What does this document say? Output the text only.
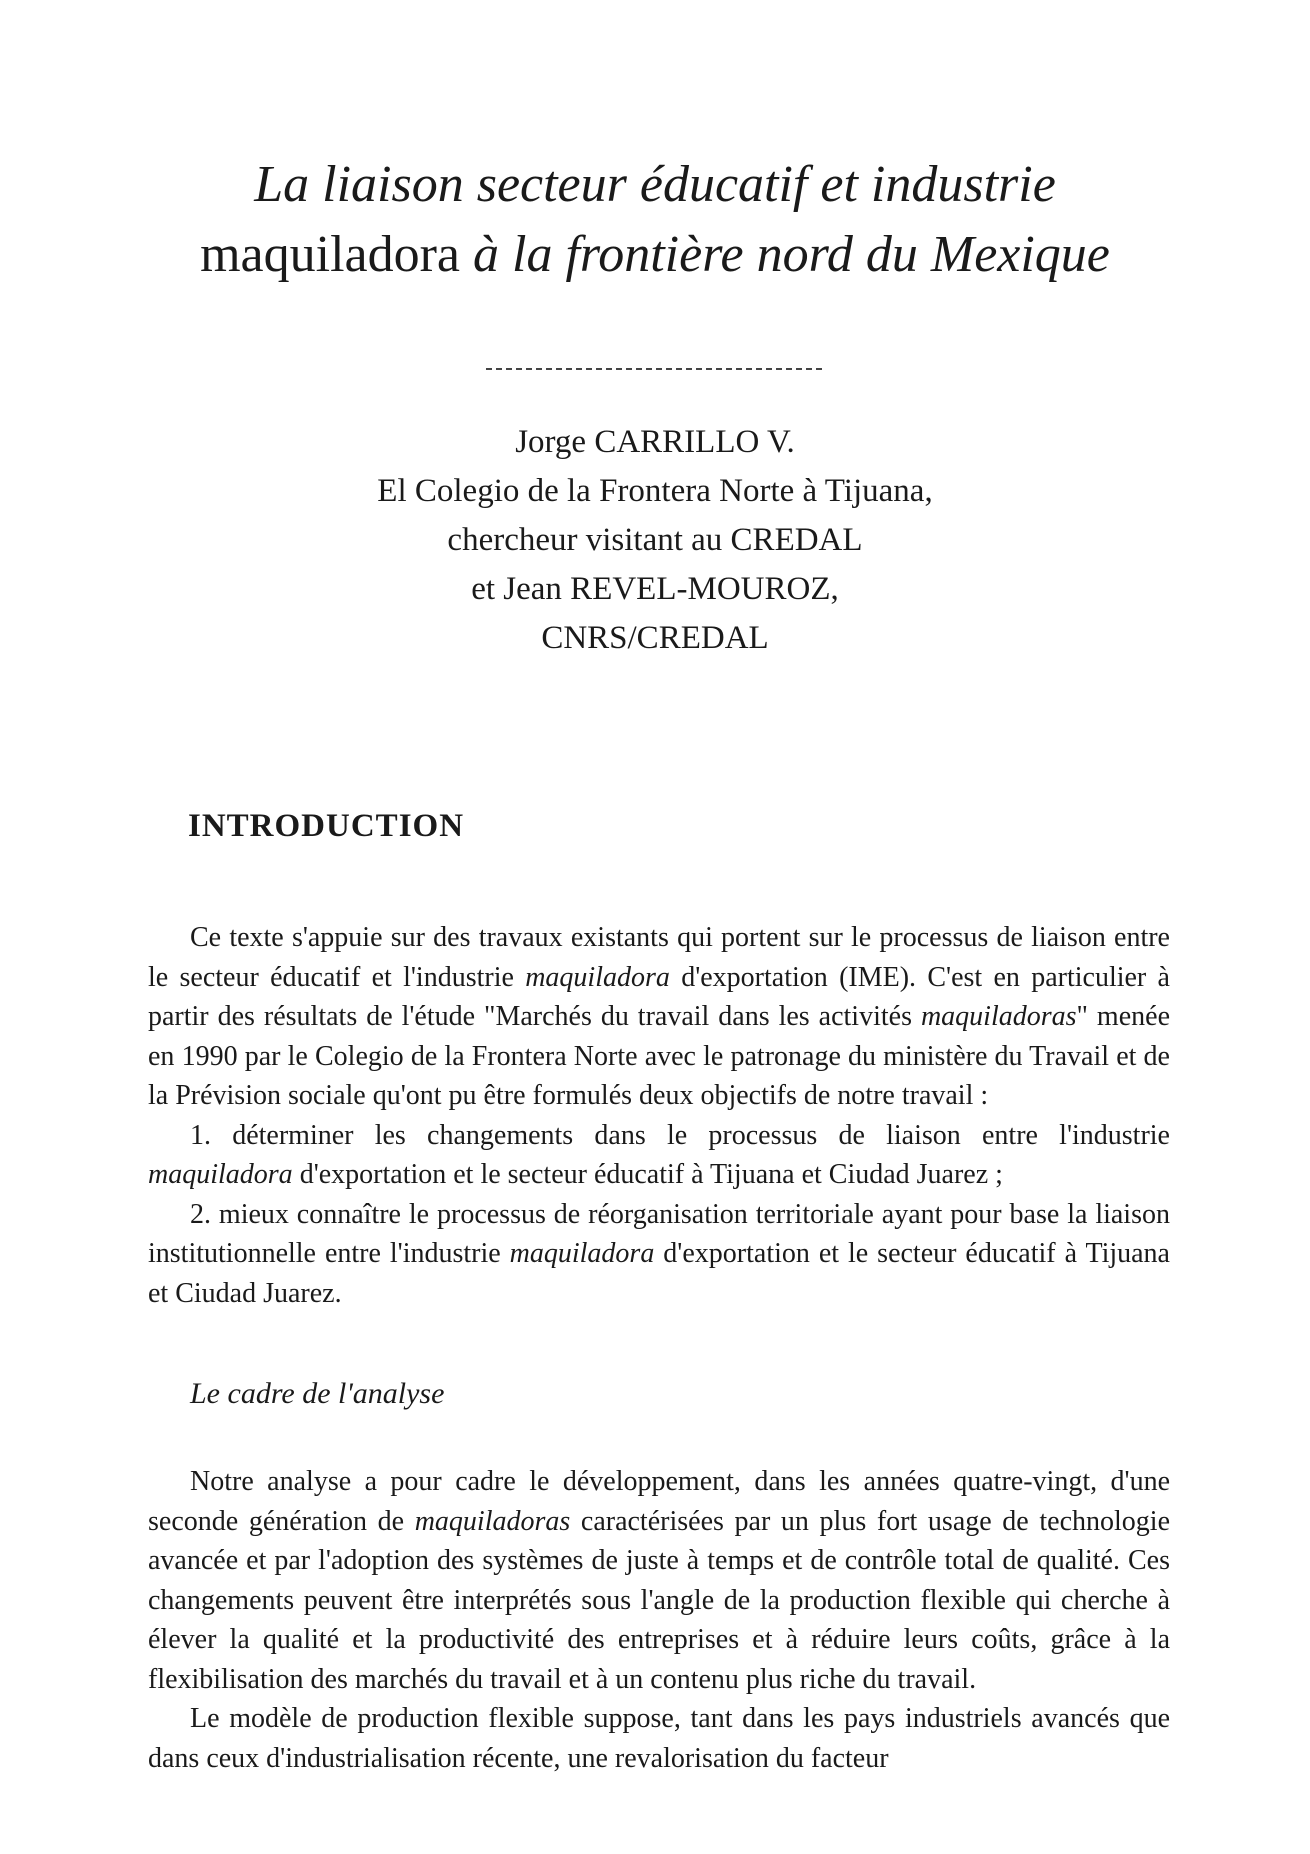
La liaison secteur éducatif et industrie
maquiladora à la frontière nord du Mexique
Jorge CARRILLO V.
El Colegio de la Frontera Norte à Tijuana,
chercheur visitant au CREDAL
et Jean REVEL-MOUROZ,
CNRS/CREDAL
INTRODUCTION

Ce texte s'appuie sur des travaux existants qui portent sur le processus de liaison entre le secteur éducatif et l'industrie maquiladora d'exportation (IME). C'est en particulier à partir des résultats de l'étude "Marchés du travail dans les activités maquiladoras" menée en 1990 par le Colegio de la Frontera Norte avec le patronage du ministère du Travail et de la Prévision sociale qu'ont pu être formulés deux objectifs de notre travail :

1. déterminer les changements dans le processus de liaison entre l'industrie maquiladora d'exportation et le secteur éducatif à Tijuana et Ciudad Juarez ;

2. mieux connaître le processus de réorganisation territoriale ayant pour base la liaison institutionnelle entre l'industrie maquiladora d'exportation et le secteur éducatif à Tijuana et Ciudad Juarez.

Le cadre de l'analyse

Notre analyse a pour cadre le développement, dans les années quatre-vingt, d'une seconde génération de maquiladoras caractérisées par un plus fort usage de technologie avancée et par l'adoption des systèmes de juste à temps et de contrôle total de qualité. Ces changements peuvent être interprétés sous l'angle de la production flexible qui cherche à élever la qualité et la productivité des entreprises et à réduire leurs coûts, grâce à la flexibilisation des marchés du travail et à un contenu plus riche du travail.

Le modèle de production flexible suppose, tant dans les pays industriels avancés que dans ceux d'industrialisation récente, une revalorisation du facteur
